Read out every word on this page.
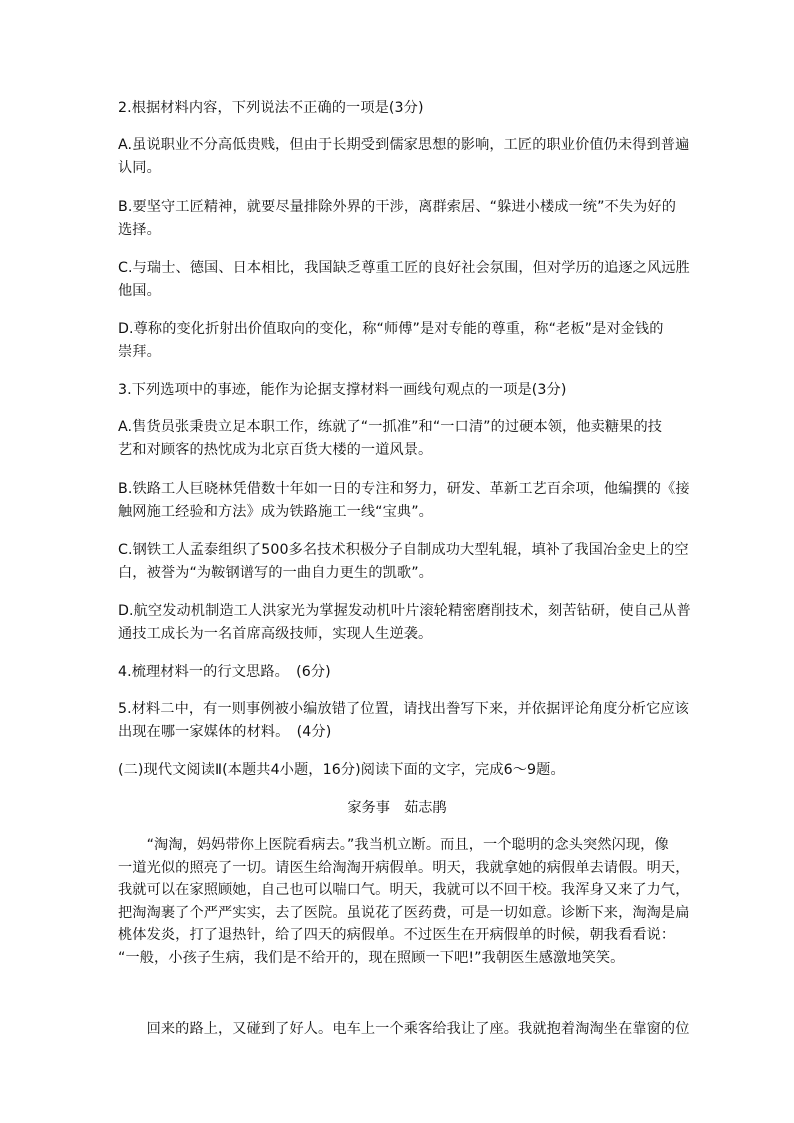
2.根据材料内容，下列说法不正确的一项是(3分)

A.虽说职业不分高低贵贱，但由于长期受到儒家思想的影响，工匠的职业价值仍未得到普遍
认同。

B.要坚守工匠精神，就要尽量排除外界的干涉，离群索居、“躲进小楼成一统”不失为好的
选择。

C.与瑞士、德国、日本相比，我国缺乏尊重工匠的良好社会氛围，但对学历的追逐之风远胜
他国。

D.尊称的变化折射出价值取向的变化，称“师傅”是对专能的尊重，称“老板”是对金钱的
崇拜。

3.下列选项中的事迹，能作为论据支撑材料一画线句观点的一项是(3分)

A.售货员张秉贵立足本职工作，练就了“一抓准”和“一口清”的过硬本领，他卖糖果的技
艺和对顾客的热忱成为北京百货大楼的一道风景。

B.铁路工人巨晓林凭借数十年如一日的专注和努力，研发、革新工艺百余项，他编撰的《接
触网施工经验和方法》成为铁路施工一线“宝典”。

C.钢铁工人孟泰组织了500多名技术积极分子自制成功大型轧辊，填补了我国冶金史上的空
白，被誉为“为鞍钢谱写的一曲自力更生的凯歌”。

D.航空发动机制造工人洪家光为掌握发动机叶片滚轮精密磨削技术，刻苦钻研，使自己从普
通技工成长为一名首席高级技师，实现人生逆袭。

4.梳理材料一的行文思路。　(6分)

5.材料二中，有一则事例被小编放错了位置，请找出誊写下来，并依据评论角度分析它应该
出现在哪一家媒体的材料。　(4分)

(二)现代文阅读Ⅱ(本题共4小题，16分)阅读下面的文字，完成6～9题。

家务事　茹志鹃

　　“淘淘，妈妈带你上医院看病去。”我当机立断。而且，一个聪明的念头突然闪现，像
一道光似的照亮了一切。请医生给淘淘开病假单。明天，我就拿她的病假单去请假。明天，
我就可以在家照顾她，自己也可以喘口气。明天，我就可以不回干校。我浑身又来了力气，
把淘淘裹了个严严实实，去了医院。虽说花了医药费，可是一切如意。诊断下来，淘淘是扁
桃体发炎，打了退热针，给了四天的病假单。不过医生在开病假单的时候，朝我看看说：
“一般，小孩子生病，我们是不给开的，现在照顾一下吧!”我朝医生感激地笑笑。

　　回来的路上，又碰到了好人。电车上一个乘客给我让了座。我就抱着淘淘坐在靠窗的位
